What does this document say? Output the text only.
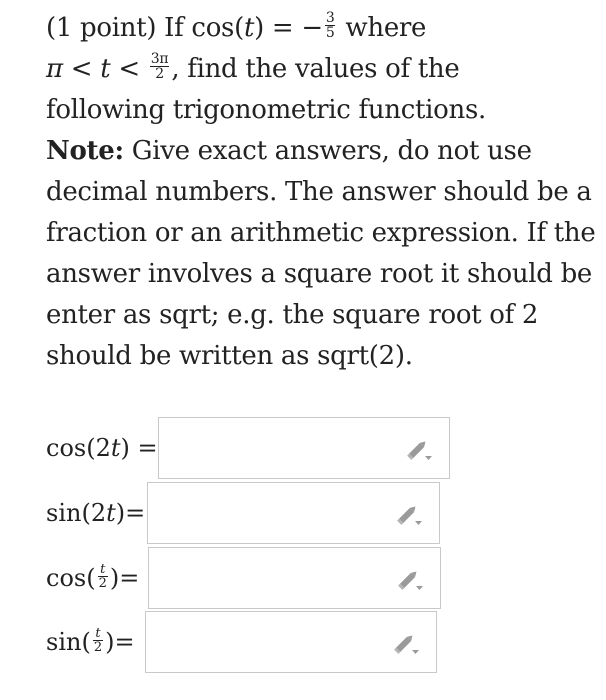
(1 point) If cos(t) = − $\frac{3}{5}$ where
$\pi < t < \frac{3\pi}{2}$ , find the values of the
following trigonometric functions.
Note: Give exact answers, do not use
decimal numbers. The answer should be a
fraction or an arithmetic expression. If the
answer involves a square root it should be
enter as sqrt; e.g. the square root of 2
should be written as sqrt(2).
cos(2t) =
sin(2t)=
$\cos( \frac{t}{2}$ )=
$\sin( \frac{t}{2}$ )=
